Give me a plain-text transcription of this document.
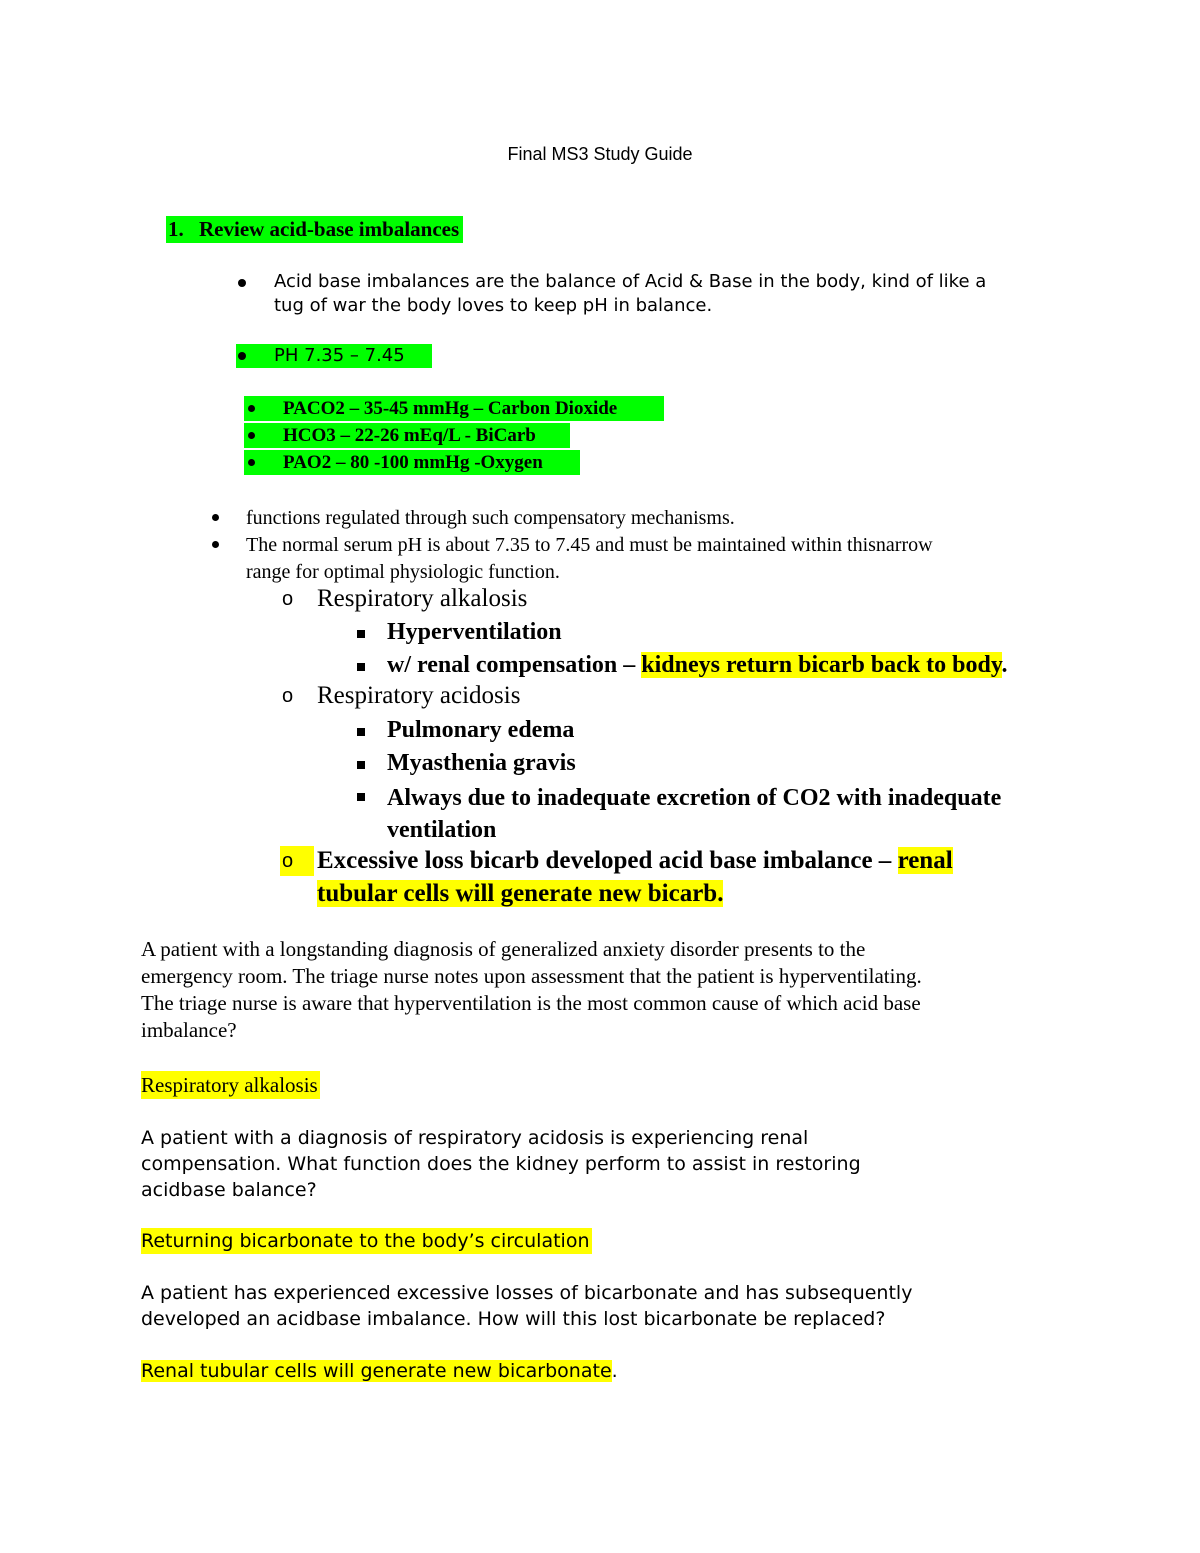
Final MS3 Study Guide
1. Review acid-base imbalances
Acid base imbalances are the balance of Acid & Base in the body, kind of like a
tug of war the body loves to keep pH in balance.
PH 7.35 – 7.45
PACO2 – 35-45 mmHg – Carbon Dioxide
HCO3 – 22-26 mEq/L - BiCarb
PAO2 – 80 -100 mmHg -Oxygen
functions regulated through such compensatory mechanisms.
The normal serum pH is about 7.35 to 7.45 and must be maintained within thisnarrow
range for optimal physiologic function.
o Respiratory alkalosis
Hyperventilation
w/ renal compensation – kidneys return bicarb back to body.
o Respiratory acidosis
Pulmonary edema
Myasthenia gravis
Always due to inadequate excretion of CO2 with inadequate
ventilation
o Excessive loss bicarb developed acid base imbalance – renal
tubular cells will generate new bicarb.
A patient with a longstanding diagnosis of generalized anxiety disorder presents to the
emergency room. The triage nurse notes upon assessment that the patient is hyperventilating.
The triage nurse is aware that hyperventilation is the most common cause of which acid base
imbalance?
Respiratory alkalosis
A patient with a diagnosis of respiratory acidosis is experiencing renal
compensation. What function does the kidney perform to assist in restoring
acidbase balance?
Returning bicarbonate to the body’s circulation
A patient has experienced excessive losses of bicarbonate and has subsequently
developed an acidbase imbalance. How will this lost bicarbonate be replaced?
Renal tubular cells will generate new bicarbonate.
